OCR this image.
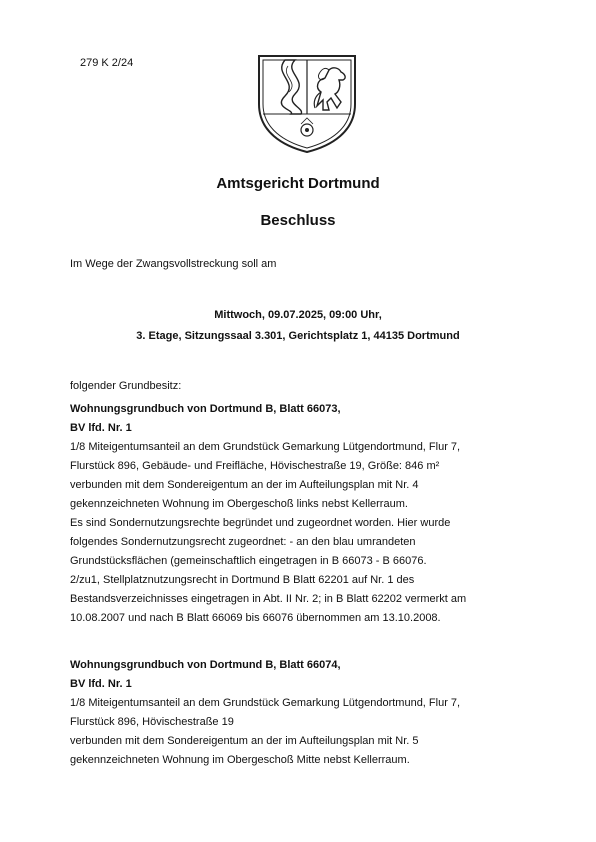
279 K 2/24
Amtsgericht Dortmund
Beschluss
Im Wege der Zwangsvollstreckung soll am
Mittwoch, 09.07.2025, 09:00 Uhr,
3. Etage, Sitzungssaal 3.301, Gerichtsplatz 1, 44135 Dortmund
folgender Grundbesitz:
Wohnungsgrundbuch von Dortmund B, Blatt 66073,
BV lfd. Nr. 1
1/8 Miteigentumsanteil an dem Grundstück Gemarkung Lütgendortmund, Flur 7,
Flurstück 896, Gebäude- und Freifläche, Hövischestraße 19, Größe: 846 m²
verbunden mit dem Sondereigentum an der im Aufteilungsplan mit Nr. 4
gekennzeichneten Wohnung im Obergeschoß links nebst Kellerraum.
Es sind Sondernutzungsrechte begründet und zugeordnet worden. Hier wurde
folgendes Sondernutzungsrecht zugeordnet: - an den blau umrandeten
Grundstücksflächen (gemeinschaftlich eingetragen in B 66073 - B 66076.
2/zu1, Stellplatznutzungsrecht in Dortmund B Blatt 62201 auf Nr. 1 des
Bestandsverzeichnisses eingetragen in Abt. II Nr. 2; in B Blatt 62202 vermerkt am
10.08.2007 und nach B Blatt 66069 bis 66076 übernommen am 13.10.2008.
Wohnungsgrundbuch von Dortmund B, Blatt 66074,
BV lfd. Nr. 1
1/8 Miteigentumsanteil an dem Grundstück Gemarkung Lütgendortmund, Flur 7,
Flurstück 896, Hövischestraße 19
verbunden mit dem Sondereigentum an der im Aufteilungsplan mit Nr. 5
gekennzeichneten Wohnung im Obergeschoß Mitte nebst Kellerraum.
